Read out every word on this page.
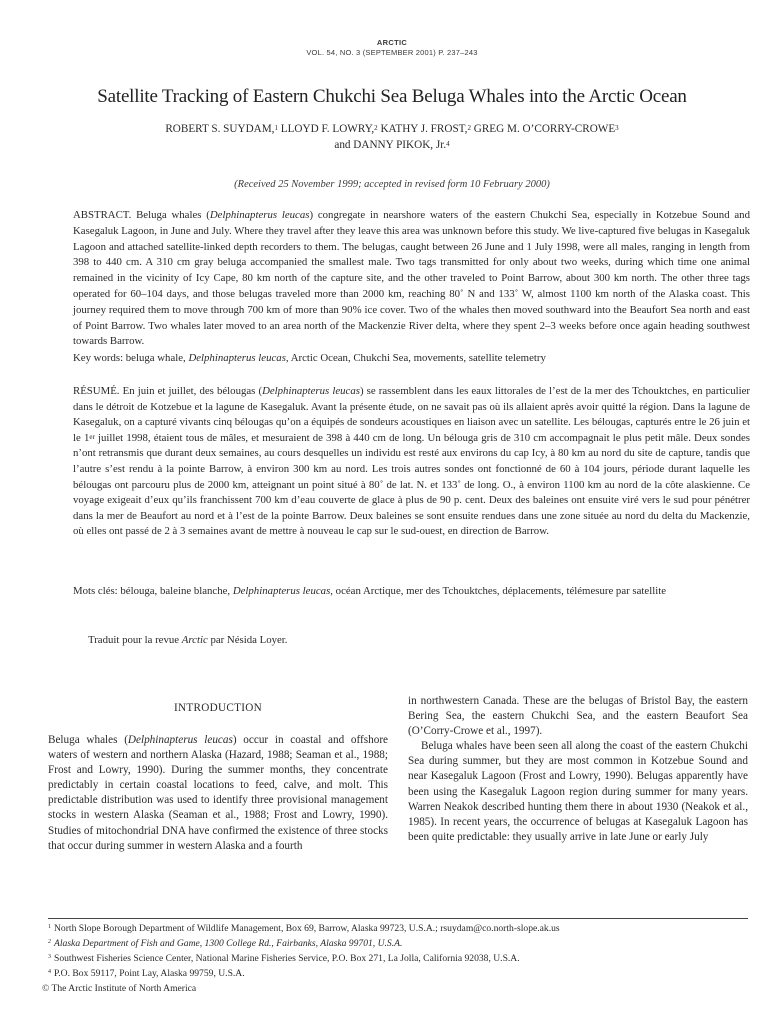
ARCTIC
VOL. 54, NO. 3 (SEPTEMBER 2001) P. 237–243
Satellite Tracking of Eastern Chukchi Sea Beluga Whales into the Arctic Ocean
ROBERT S. SUYDAM,$^1$ LLOYD F. LOWRY,$^2$ KATHY J. FROST,$^2$ GREG M. O’CORRY-CROWE$^3$
and DANNY PIKOK, Jr.$^4$
(Received 25 November 1999; accepted in revised form 10 February 2000)
ABSTRACT. Beluga whales (Delphinapterus leucas) congregate in nearshore waters of the eastern Chukchi Sea, especially in Kotzebue Sound and Kasegaluk Lagoon, in June and July. Where they travel after they leave this area was unknown before this study. We live-captured five belugas in Kasegaluk Lagoon and attached satellite-linked depth recorders to them. The belugas, caught between 26 June and 1 July 1998, were all males, ranging in length from 398 to 440 cm. A 310 cm gray beluga accompanied the smallest male. Two tags transmitted for only about two weeks, during which time one animal remained in the vicinity of Icy Cape, 80 km north of the capture site, and the other traveled to Point Barrow, about 300 km north. The other three tags operated for 60–104 days, and those belugas traveled more than 2000 km, reaching 80˚ N and 133˚ W, almost 1100 km north of the Alaska coast. This journey required them to move through 700 km of more than 90% ice cover. Two of the whales then moved southward into the Beaufort Sea north and east of Point Barrow. Two whales later moved to an area north of the Mackenzie River delta, where they spent 2–3 weeks before once again heading southwest towards Barrow.
Key words: beluga whale, Delphinapterus leucas, Arctic Ocean, Chukchi Sea, movements, satellite telemetry
RÉSUMÉ. En juin et juillet, des bélougas (Delphinapterus leucas) se rassemblent dans les eaux littorales de l’est de la mer des Tchouktches, en particulier dans le détroit de Kotzebue et la lagune de Kasegaluk. Avant la présente étude, on ne savait pas où ils allaient après avoir quitté la région. Dans la lagune de Kasegaluk, on a capturé vivants cinq bélougas qu’on a équipés de sondeurs acoustiques en liaison avec un satellite. Les bélougas, capturés entre le 26 juin et le 1er juillet 1998, étaient tous de mâles, et mesuraient de 398 à 440 cm de long. Un bélouga gris de 310 cm accompagnait le plus petit mâle. Deux sondes n’ont retransmis que durant deux semaines, au cours desquelles un individu est resté aux environs du cap Icy, à 80 km au nord du site de capture, tandis que l’autre s’est rendu à la pointe Barrow, à environ 300 km au nord. Les trois autres sondes ont fonctionné de 60 à 104 jours, période durant laquelle les bélougas ont parcouru plus de 2000 km, atteignant un point situé à 80˚ de lat. N. et 133˚ de long. O., à environ 1100 km au nord de la côte alaskienne. Ce voyage exigeait d’eux qu’ils franchissent 700 km d’eau couverte de glace à plus de 90 p. cent. Deux des baleines ont ensuite viré vers le sud pour pénétrer dans la mer de Beaufort au nord et à l’est de la pointe Barrow. Deux baleines se sont ensuite rendues dans une zone située au nord du delta du Mackenzie, où elles ont passé de 2 à 3 semaines avant de mettre à nouveau le cap sur le sud-ouest, en direction de Barrow.
Mots clés: bélouga, baleine blanche, Delphinapterus leucas, océan Arctique, mer des Tchouktches, déplacements, télémesure par satellite
Traduit pour la revue Arctic par Nésida Loyer.
INTRODUCTION
Beluga whales (Delphinapterus leucas) occur in coastal and offshore waters of western and northern Alaska (Hazard, 1988; Seaman et al., 1988; Frost and Lowry, 1990). During the summer months, they concentrate predictably in certain coastal locations to feed, calve, and molt. This predictable distribution was used to identify three provisional management stocks in western Alaska (Seaman et al., 1988; Frost and Lowry, 1990). Studies of mitochondrial DNA have confirmed the existence of three stocks that occur during summer in western Alaska and a fourth
in northwestern Canada. These are the belugas of Bristol Bay, the eastern Bering Sea, the eastern Chukchi Sea, and the eastern Beaufort Sea (O’Corry-Crowe et al., 1997).
Beluga whales have been seen all along the coast of the eastern Chukchi Sea during summer, but they are most common in Kotzebue Sound and near Kasegaluk Lagoon (Frost and Lowry, 1990). Belugas apparently have been using the Kasegaluk Lagoon region during summer for many years. Warren Neakok described hunting them there in about 1930 (Neakok et al., 1985). In recent years, the occurrence of belugas at Kasegaluk Lagoon has been quite predictable: they usually arrive in late June or early July
$^1$ North Slope Borough Department of Wildlife Management, Box 69, Barrow, Alaska 99723, U.S.A.; rsuydam@co.north-slope.ak.us
$^2$ Alaska Department of Fish and Game, 1300 College Rd., Fairbanks, Alaska 99701, U.S.A.
$^3$ Southwest Fisheries Science Center, National Marine Fisheries Service, P.O. Box 271, La Jolla, California 92038, U.S.A.
$^4$ P.O. Box 59117, Point Lay, Alaska 99759, U.S.A.
© The Arctic Institute of North America
